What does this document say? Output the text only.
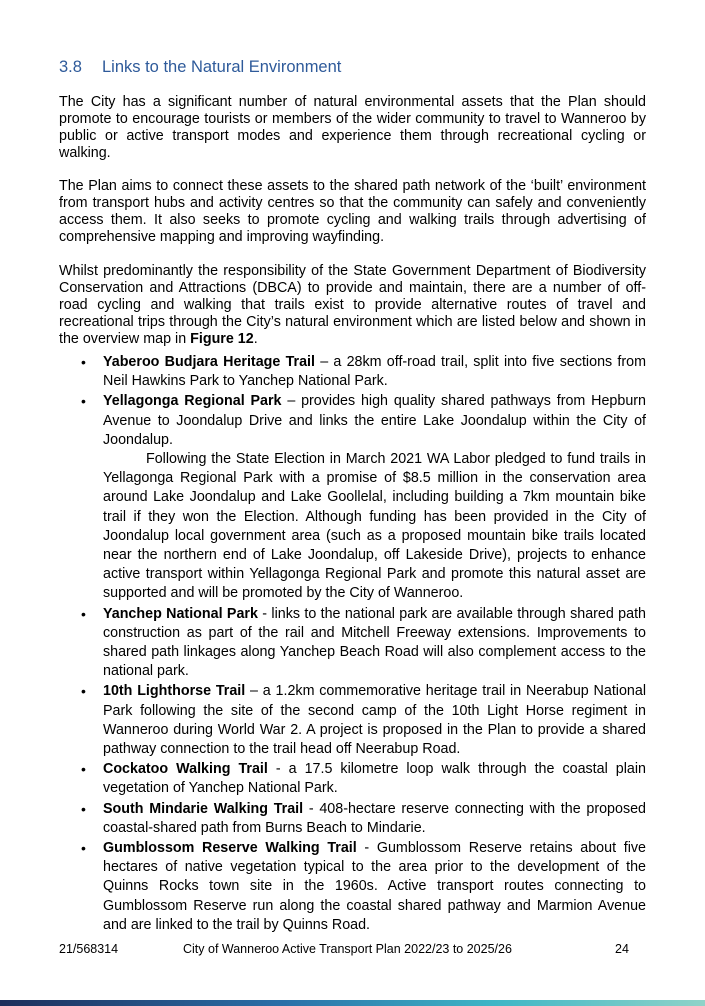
3.8 Links to the Natural Environment

The City has a significant number of natural environmental assets that the Plan should promote to encourage tourists or members of the wider community to travel to Wanneroo by public or active transport modes and experience them through recreational cycling or walking.

The Plan aims to connect these assets to the shared path network of the ‘built’ environment from transport hubs and activity centres so that the community can safely and conveniently access them. It also seeks to promote cycling and walking trails through advertising of comprehensive mapping and improving wayfinding.

Whilst predominantly the responsibility of the State Government Department of Biodiversity Conservation and Attractions (DBCA) to provide and maintain, there are a number of off-road cycling and walking that trails exist to provide alternative routes of travel and recreational trips through the City’s natural environment which are listed below and shown in the overview map in Figure 12.

• Yaberoo Budjara Heritage Trail – a 28km off-road trail, split into five sections from Neil Hawkins Park to Yanchep National Park.
• Yellagonga Regional Park – provides high quality shared pathways from Hepburn Avenue to Joondalup Drive and links the entire Lake Joondalup within the City of Joondalup.
Following the State Election in March 2021 WA Labor pledged to fund trails in Yellagonga Regional Park with a promise of $8.5 million in the conservation area around Lake Joondalup and Lake Goollelal, including building a 7km mountain bike trail if they won the Election. Although funding has been provided in the City of Joondalup local government area (such as a proposed mountain bike trails located near the northern end of Lake Joondalup, off Lakeside Drive), projects to enhance active transport within Yellagonga Regional Park and promote this natural asset are supported and will be promoted by the City of Wanneroo.
• Yanchep National Park - links to the national park are available through shared path construction as part of the rail and Mitchell Freeway extensions. Improvements to shared path linkages along Yanchep Beach Road will also complement access to the national park.
• 10th Lighthorse Trail – a 1.2km commemorative heritage trail in Neerabup National Park following the site of the second camp of the 10th Light Horse regiment in Wanneroo during World War 2. A project is proposed in the Plan to provide a shared pathway connection to the trail head off Neerabup Road.
• Cockatoo Walking Trail - a 17.5 kilometre loop walk through the coastal plain vegetation of Yanchep National Park.
• South Mindarie Walking Trail - 408-hectare reserve connecting with the proposed coastal-shared path from Burns Beach to Mindarie.
• Gumblossom Reserve Walking Trail - Gumblossom Reserve retains about five hectares of native vegetation typical to the area prior to the development of the Quinns Rocks town site in the 1960s. Active transport routes connecting to Gumblossom Reserve run along the coastal shared pathway and Marmion Avenue and are linked to the trail by Quinns Road.
21/568314	City of Wanneroo Active Transport Plan 2022/23 to 2025/26	24
